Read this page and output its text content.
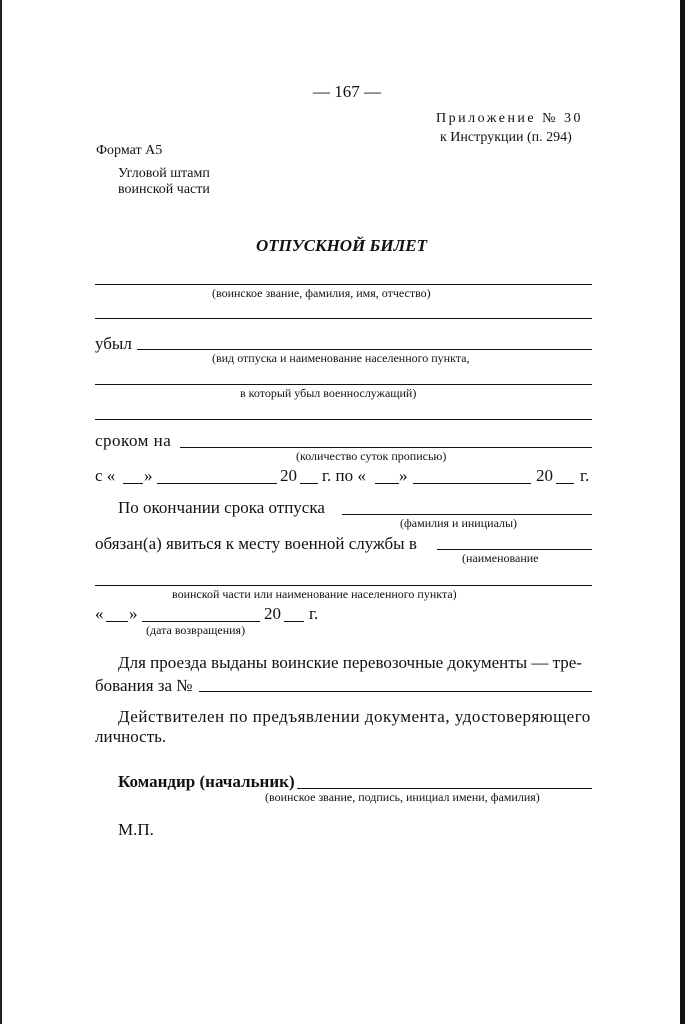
— 167 —
Приложение № 30
к Инструкции (п. 294)
Формат А5
Угловой штамп
воинской части
ОТПУСКНОЙ БИЛЕТ
(воинское звание, фамилия, имя, отчество)
убыл
(вид отпуска и наименование населенного пункта,
в который убыл военнослужащий)
сроком на
(количество суток прописью)
с « »	20 г. по « »	20 г.
По окончании срока отпуска
(фамилия и инициалы)
обязан(а) явиться к месту военной службы в
(наименование
воинской части или наименование населенного пункта)
« »	20 г.
(дата возвращения)
Для проезда выданы воинские перевозочные документы — тре-
бования за №
Действителен по предъявлении документа, удостоверяющего
личность.
Командир (начальник)
(воинское звание, подпись, инициал имени, фамилия)
М.П.
